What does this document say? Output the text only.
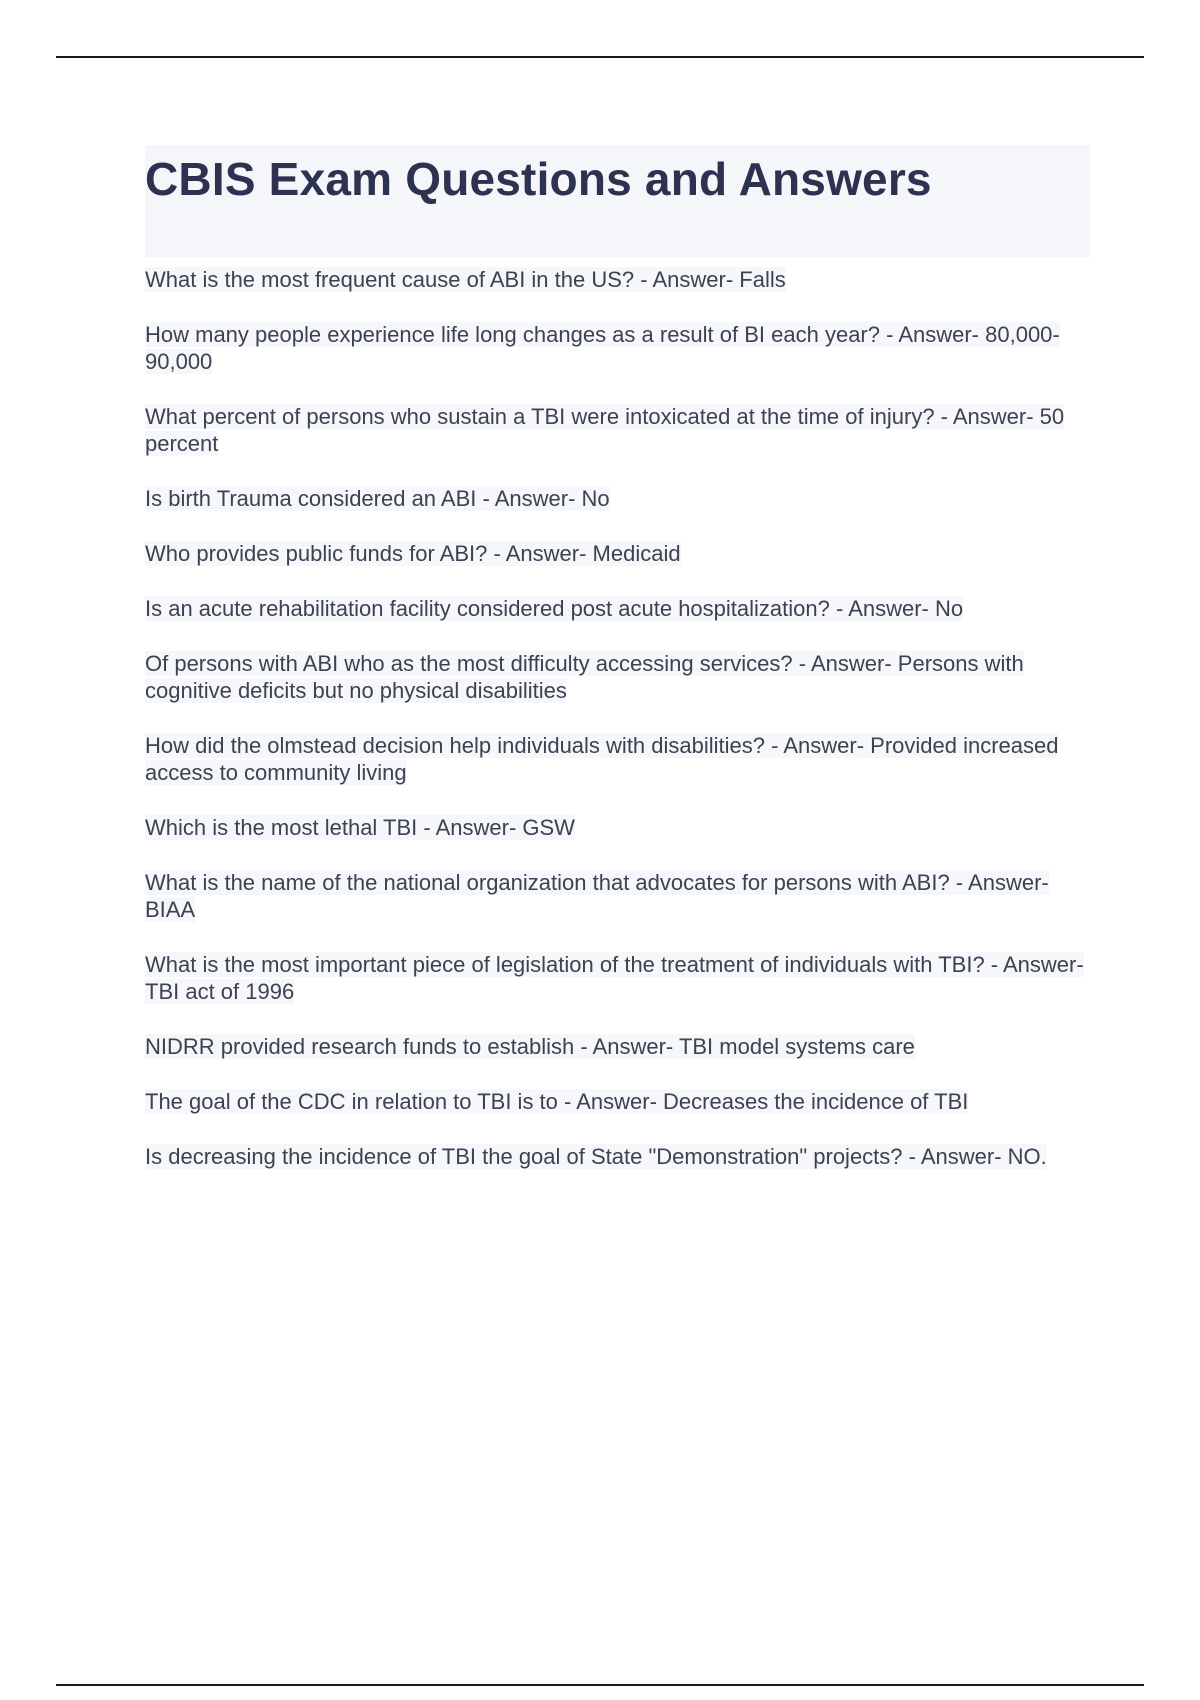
CBIS Exam Questions and Answers

What is the most frequent cause of ABI in the US? - Answer- Falls

How many people experience life long changes as a result of BI each year? - Answer- 80,000-90,000

What percent of persons who sustain a TBI were intoxicated at the time of injury? - Answer- 50 percent

Is birth Trauma considered an ABI - Answer- No

Who provides public funds for ABI? - Answer- Medicaid

Is an acute rehabilitation facility considered post acute hospitalization? - Answer- No

Of persons with ABI who as the most difficulty accessing services? - Answer- Persons with cognitive deficits but no physical disabilities

How did the olmstead decision help individuals with disabilities? - Answer- Provided increased access to community living

Which is the most lethal TBI - Answer- GSW

What is the name of the national organization that advocates for persons with ABI? - Answer- BIAA

What is the most important piece of legislation of the treatment of individuals with TBI? - Answer- TBI act of 1996

NIDRR provided research funds to establish - Answer- TBI model systems care

The goal of the CDC in relation to TBI is to - Answer- Decreases the incidence of TBI

Is decreasing the incidence of TBI the goal of State "Demonstration" projects? - Answer- NO.
